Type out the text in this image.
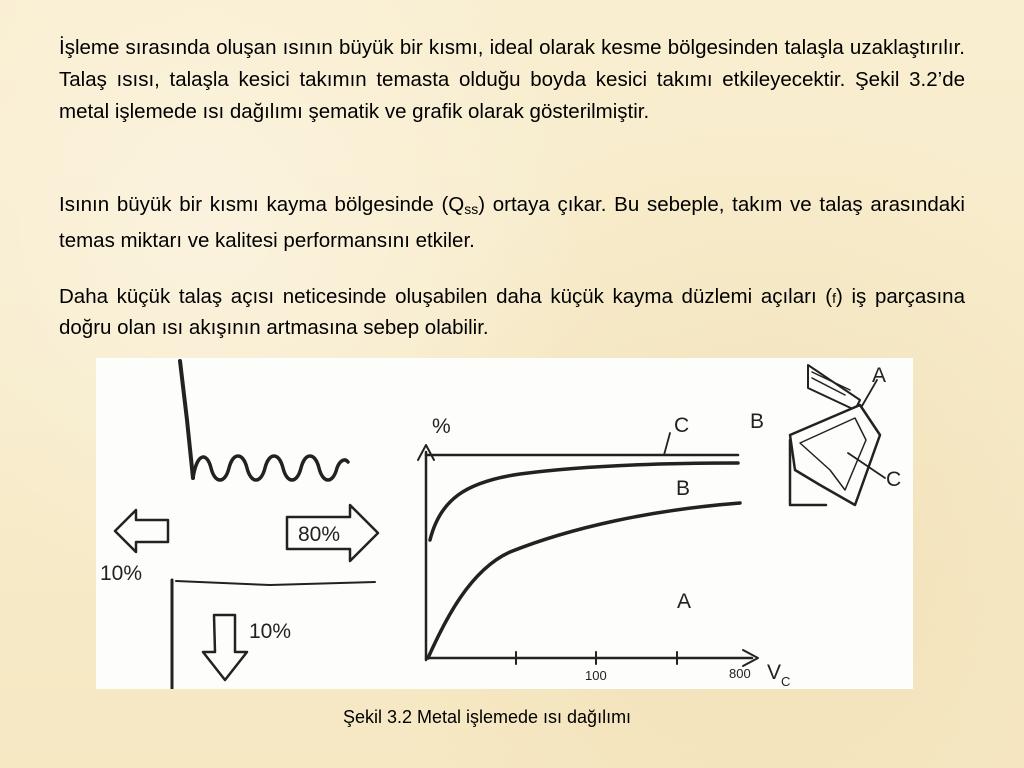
İşleme sırasında oluşan ısının büyük bir kısmı, ideal olarak kesme bölgesinden talaşla uzaklaştırılır. Talaş ısısı, talaşla kesici takımın temasta olduğu boyda kesici takımı etkileyecektir. Şekil 3.2’de metal işlemede ısı dağılımı şematik ve grafik olarak gösterilmiştir.

Isının büyük bir kısmı kayma bölgesinde $(Q_{ss})$ ortaya çıkar. Bu sebeple, takım ve talaş arasındaki temas miktarı ve kalitesi performansını etkiler.

Daha küçük talaş açısı neticesinde oluşabilen daha küçük kayma düzlemi açıları (f) iş parçasına doğru olan ısı akışının artmasına sebep olabilir.

10%
80%
10%
%
V C
100	800
C
B
A
B
A
C
Şekil 3.2 Metal işlemede ısı dağılımı
